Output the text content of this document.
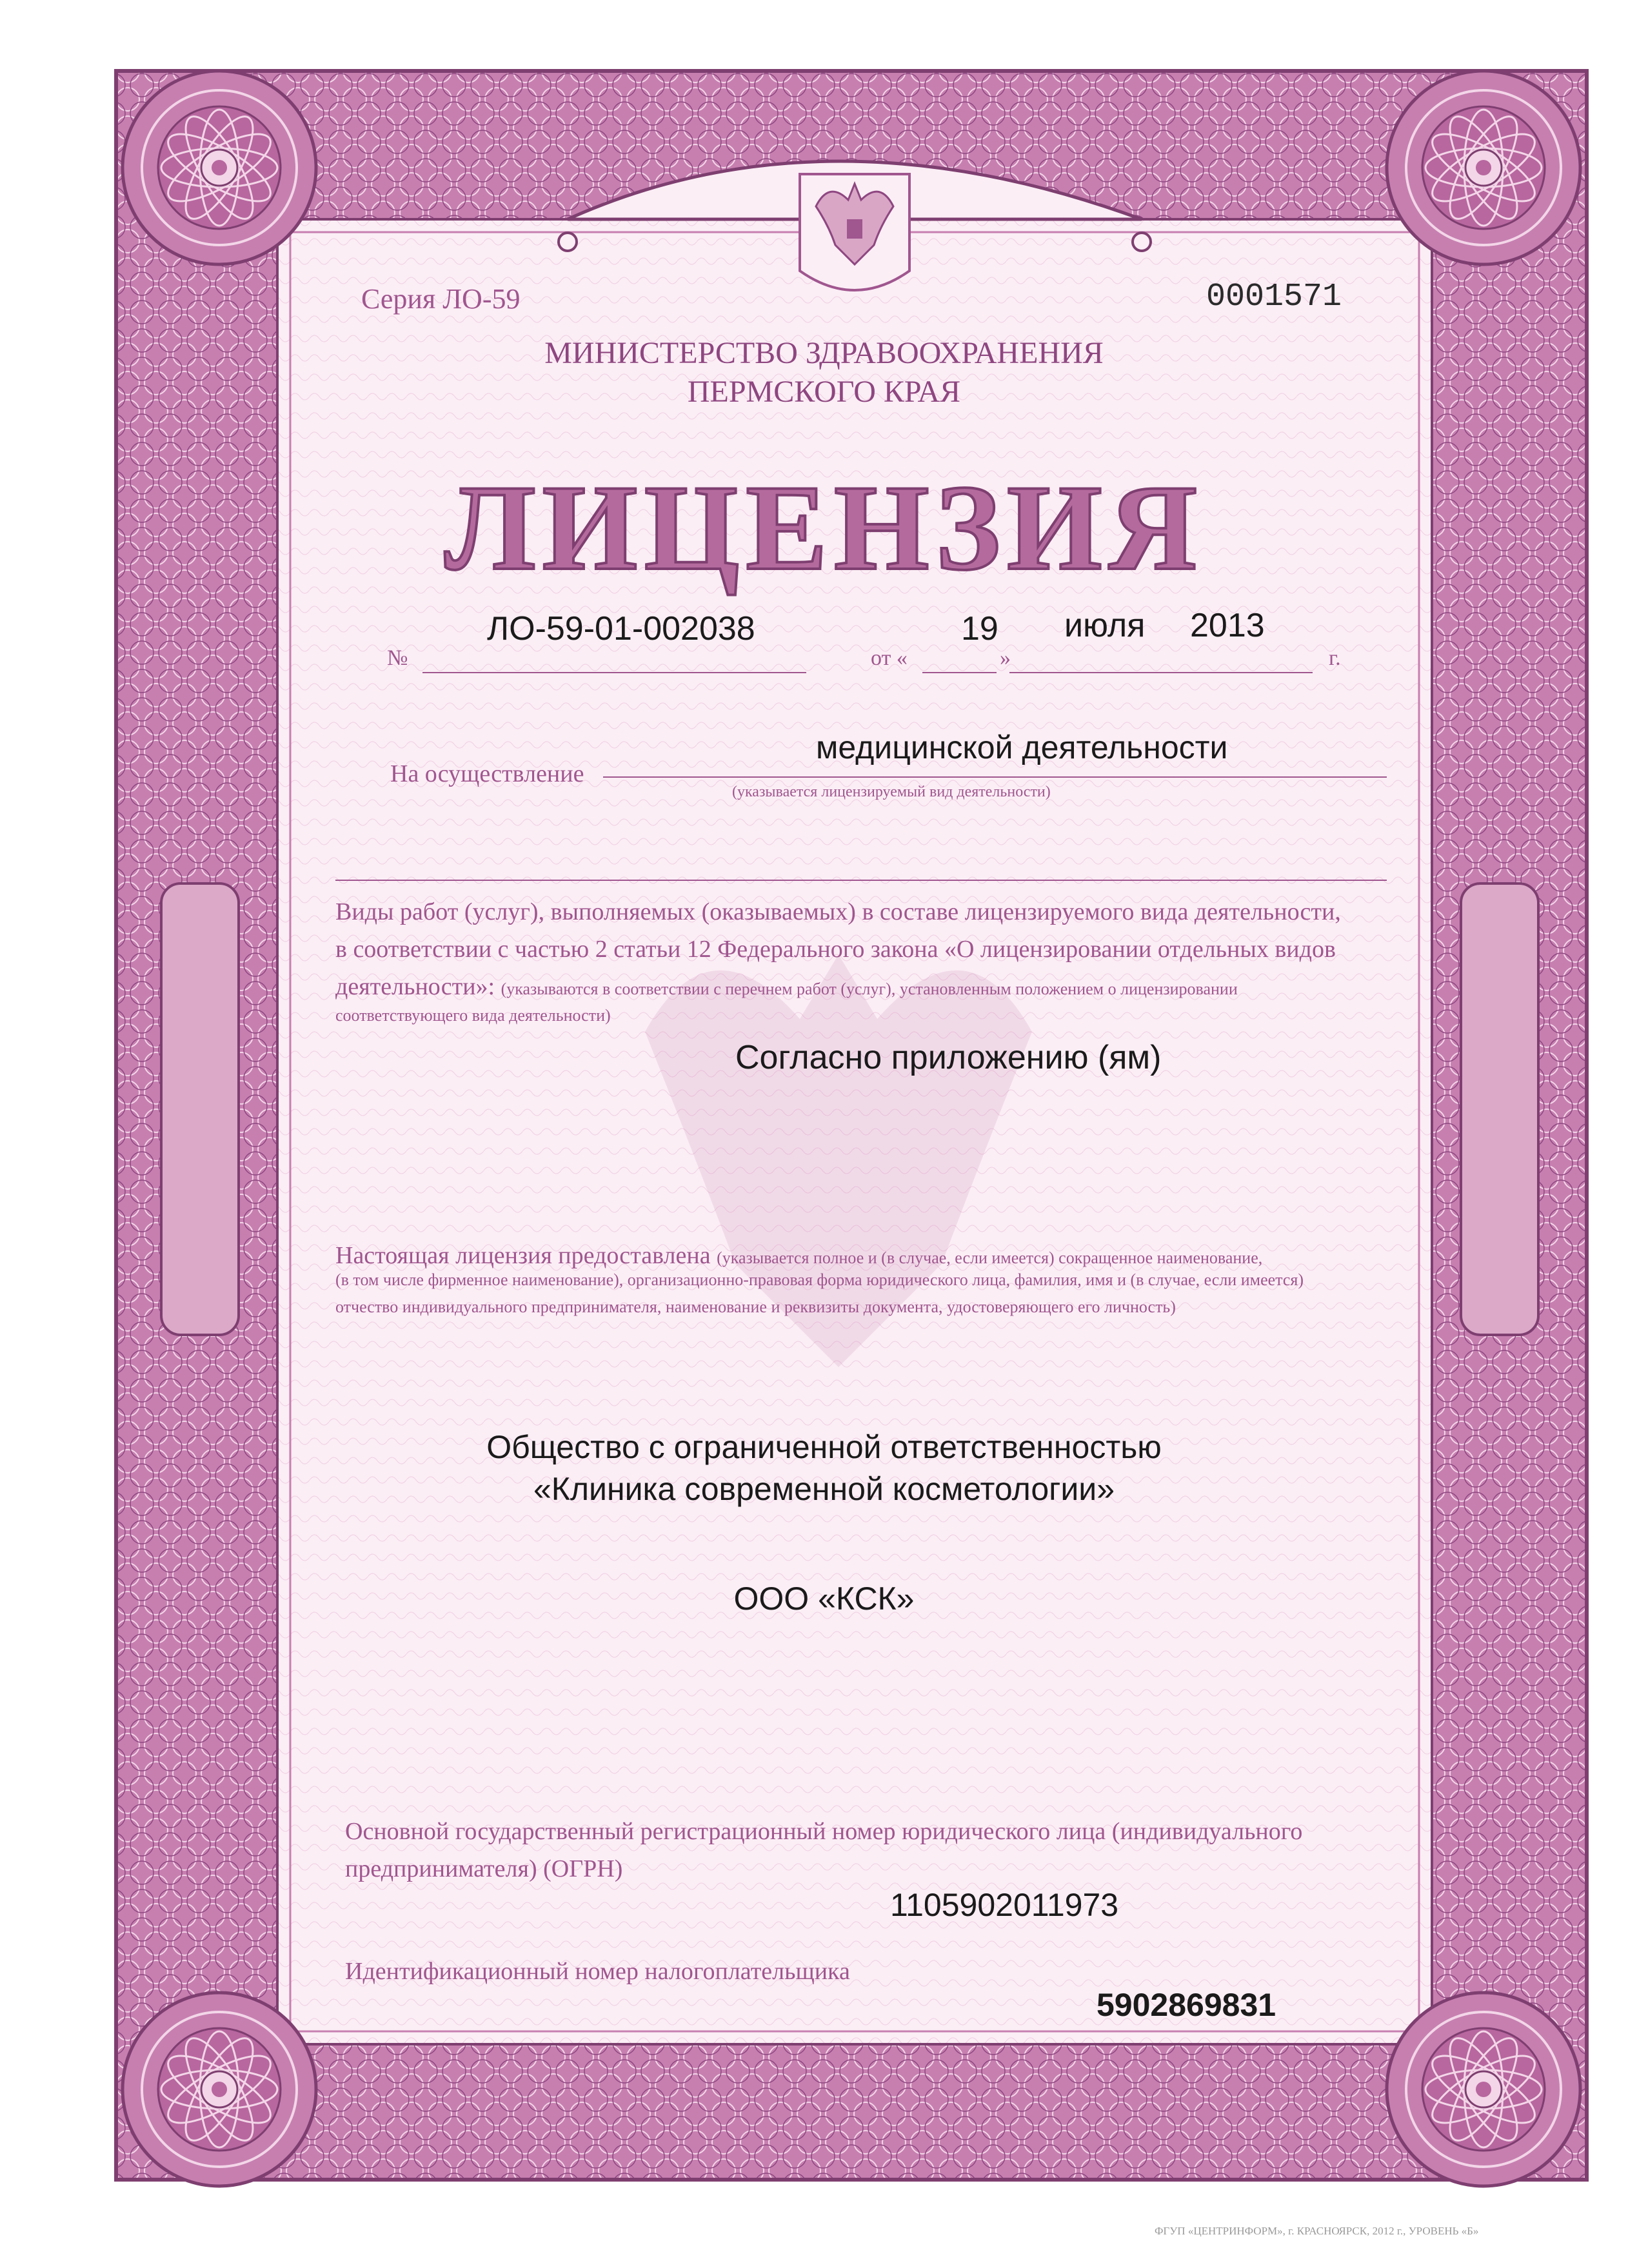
Серия ЛО-59	0001571
МИНИСТЕРСТВО ЗДРАВООХРАНЕНИЯ
ПЕРМСКОГО КРАЯ
ЛИЦЕНЗИЯ
№
ЛО-59-01-002038
от «
19
»
июля 2013
г.
На осуществление
медицинской деятельности
(указывается лицензируемый вид деятельности)
Виды работ (услуг), выполняемых (оказываемых) в составе лицензируемого вида деятельности,
в соответствии с частью 2 статьи 12 Федерального закона «О лицензировании отдельных видов
деятельности»: (указываются в соответствии с перечнем работ (услуг), установленным положением о лицензировании
соответствующего вида деятельности)
Согласно приложению (ям)
Настоящая лицензия предоставлена (указывается полное и (в случае, если имеется) сокращенное наименование,
(в том числе фирменное наименование), организационно-правовая форма юридического лица, фамилия, имя и (в случае, если имеется)
отчество индивидуального предпринимателя, наименование и реквизиты документа, удостоверяющего его личность)
Общество с ограниченной ответственностью
«Клиника современной косметологии»
ООО «КСК»
Основной государственный регистрационный номер юридического лица (индивидуального
предпринимателя) (ОГРН)
1105902011973
Идентификационный номер налогоплательщика
5902869831
ФГУП «ЦЕНТРИНФОРМ», г. КРАСНОЯРСК, 2012 г., УРОВЕНЬ «Б»
